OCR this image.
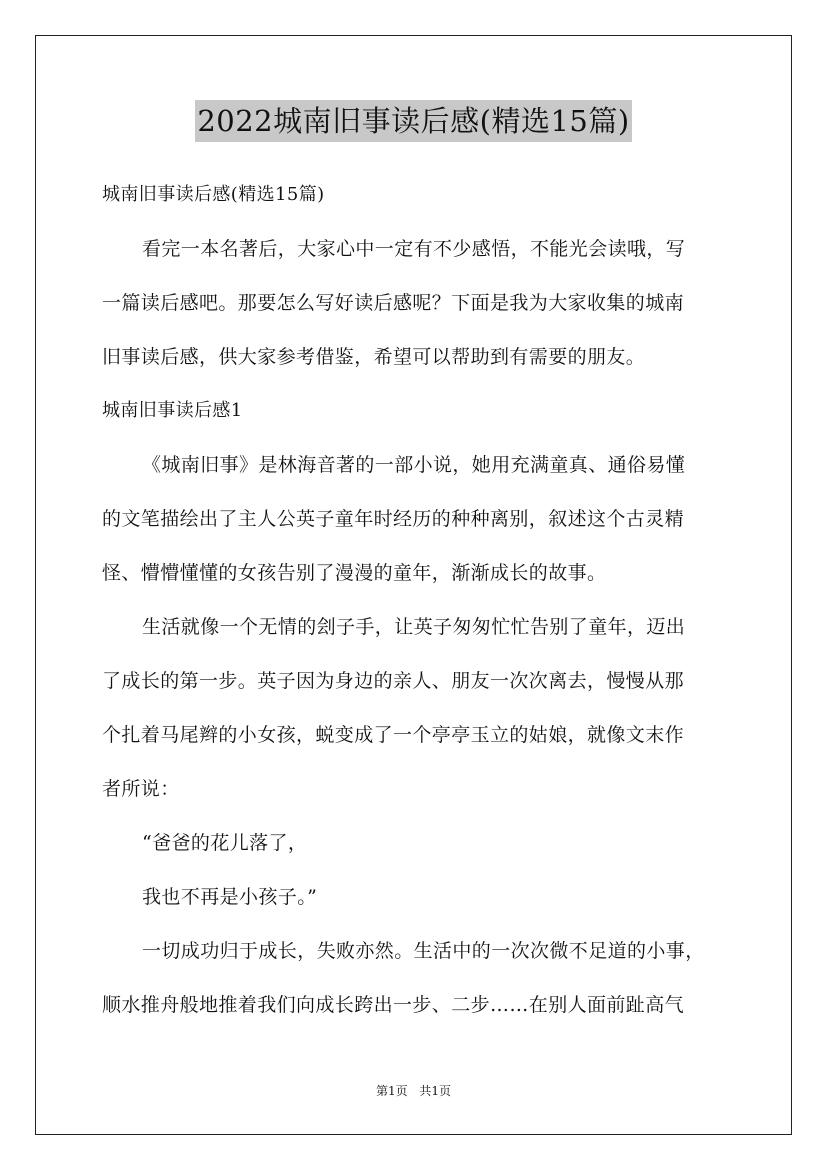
2022城南旧事读后感(精选15篇)
城南旧事读后感(精选15篇)
看完一本名著后，大家心中一定有不少感悟，不能光会读哦，写
一篇读后感吧。那要怎么写好读后感呢？下面是我为大家收集的城南
旧事读后感，供大家参考借鉴，希望可以帮助到有需要的朋友。
城南旧事读后感1
《城南旧事》是林海音著的一部小说，她用充满童真、通俗易懂
的文笔描绘出了主人公英子童年时经历的种种离别，叙述这个古灵精
怪、懵懵懂懂的女孩告别了漫漫的童年，渐渐成长的故事。
生活就像一个无情的刽子手，让英子匆匆忙忙告别了童年，迈出
了成长的第一步。英子因为身边的亲人、朋友一次次离去，慢慢从那
个扎着马尾辫的小女孩，蜕变成了一个亭亭玉立的姑娘，就像文末作
者所说：
“爸爸的花儿落了，
我也不再是小孩子。”
一切成功归于成长，失败亦然。生活中的一次次微不足道的小事，
顺水推舟般地推着我们向成长跨出一步、二步……在别人面前趾高气
第1页 共1页
